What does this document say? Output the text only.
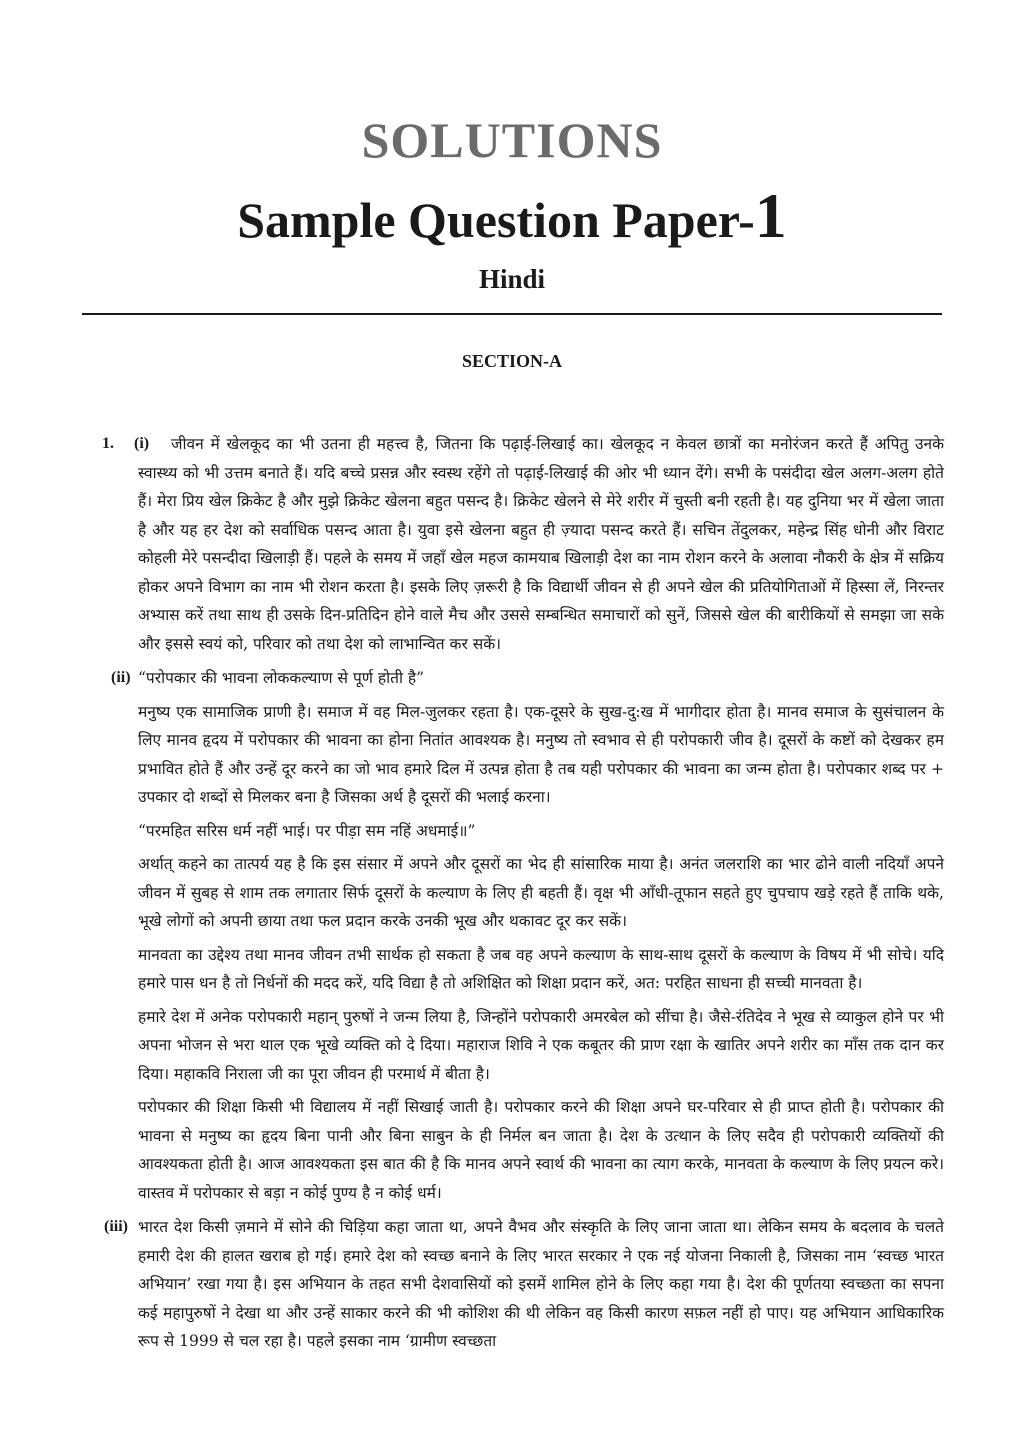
SOLUTIONS
Sample Question Paper-1
Hindi
SECTION-A
1. (i)	जीवन में खेलकूद का भी उतना ही महत्त्व है, जितना कि पढ़ाई-लिखाई का। खेलकूद न केवल छात्रों का मनोरंजन करते हैं अपितु उनके स्वास्थ्य को भी उत्तम बनाते हैं। यदि बच्चे प्रसन्न और स्वस्थ रहेंगे तो पढ़ाई-लिखाई की ओर भी ध्यान देंगे। सभी के पसंदीदा खेल अलग-अलग होते हैं। मेरा प्रिय खेल क्रिकेट है और मुझे क्रिकेट खेलना बहुत पसन्द है। क्रिकेट खेलने से मेरे शरीर में चुस्ती बनी रहती है। यह दुनिया भर में खेला जाता है और यह हर देश को सर्वाधिक पसन्द आता है। युवा इसे खेलना बहुत ही ज़्यादा पसन्द करते हैं। सचिन तेंदुलकर, महेन्द्र सिंह धोनी और विराट कोहली मेरे पसन्दीदा खिलाड़ी हैं। पहले के समय में जहाँ खेल महज कामयाब खिलाड़ी देश का नाम रोशन करने के अलावा नौकरी के क्षेत्र में सक्रिय होकर अपने विभाग का नाम भी रोशन करता है। इसके लिए ज़रूरी है कि विद्यार्थी जीवन से ही अपने खेल की प्रतियोगिताओं में हिस्सा लें, निरन्तर अभ्यास करें तथा साथ ही उसके दिन-प्रतिदिन होने वाले मैच और उससे सम्बन्धित समाचारों को सुनें, जिससे खेल की बारीकियों से समझा जा सके और इससे स्वयं को, परिवार को तथा देश को लाभान्वित कर सकें।

(ii) “परोपकार की भावना लोककल्याण से पूर्ण होती है”

मनुष्य एक सामाजिक प्राणी है। समाज में वह मिल-जुलकर रहता है। एक-दूसरे के सुख-दु:ख में भागीदार होता है। मानव समाज के सुसंचालन के लिए मानव हृदय में परोपकार की भावना का होना नितांत आवश्यक है। मनुष्य तो स्वभाव से ही परोपकारी जीव है। दूसरों के कष्टों को देखकर हम प्रभावित होते हैं और उन्हें दूर करने का जो भाव हमारे दिल में उत्पन्न होता है तब यही परोपकार की भावना का जन्म होता है। परोपकार शब्द पर + उपकार दो शब्दों से मिलकर बना है जिसका अर्थ है दूसरों की भलाई करना।

“परमहित सरिस धर्म नहीं भाई। पर पीड़ा सम नहिं अधमाई॥”

अर्थात् कहने का तात्पर्य यह है कि इस संसार में अपने और दूसरों का भेद ही सांसारिक माया है। अनंत जलराशि का भार ढोने वाली नदियाँ अपने जीवन में सुबह से शाम तक लगातार सिर्फ दूसरों के कल्याण के लिए ही बहती हैं। वृक्ष भी आँधी-तूफान सहते हुए चुपचाप खड़े रहते हैं ताकि थके, भूखे लोगों को अपनी छाया तथा फल प्रदान करके उनकी भूख और थकावट दूर कर सकें।

मानवता का उद्देश्य तथा मानव जीवन तभी सार्थक हो सकता है जब वह अपने कल्याण के साथ-साथ दूसरों के कल्याण के विषय में भी सोचे। यदि हमारे पास धन है तो निर्धनों की मदद करें, यदि विद्या है तो अशिक्षित को शिक्षा प्रदान करें, अत: परहित साधना ही सच्ची मानवता है।

हमारे देश में अनेक परोपकारी महान् पुरुषों ने जन्म लिया है, जिन्होंने परोपकारी अमरबेल को सींचा है। जैसे-रंतिदेव ने भूख से व्याकुल होने पर भी अपना भोजन से भरा थाल एक भूखे व्यक्ति को दे दिया। महाराज शिवि ने एक कबूतर की प्राण रक्षा के खातिर अपने शरीर का माँस तक दान कर दिया। महाकवि निराला जी का पूरा जीवन ही परमार्थ में बीता है।

परोपकार की शिक्षा किसी भी विद्यालय में नहीं सिखाई जाती है। परोपकार करने की शिक्षा अपने घर-परिवार से ही प्राप्त होती है। परोपकार की भावना से मनुष्य का हृदय बिना पानी और बिना साबुन के ही निर्मल बन जाता है। देश के उत्थान के लिए सदैव ही परोपकारी व्यक्तियों की आवश्यकता होती है। आज आवश्यकता इस बात की है कि मानव अपने स्वार्थ की भावना का त्याग करके, मानवता के कल्याण के लिए प्रयत्न करे। वास्तव में परोपकार से बड़ा न कोई पुण्य है न कोई धर्म।

(iii) भारत देश किसी ज़माने में सोने की चिड़िया कहा जाता था, अपने वैभव और संस्कृति के लिए जाना जाता था। लेकिन समय के बदलाव के चलते हमारी देश की हालत खराब हो गई। हमारे देश को स्वच्छ बनाने के लिए भारत सरकार ने एक नई योजना निकाली है, जिसका नाम ‘स्वच्छ भारत अभियान’ रखा गया है। इस अभियान के तहत सभी देशवासियों को इसमें शामिल होने के लिए कहा गया है। देश की पूर्णतया स्वच्छता का सपना कई महापुरुषों ने देखा था और उन्हें साकार करने की भी कोशिश की थी लेकिन वह किसी कारण सफ़ल नहीं हो पाए। यह अभियान आधिकारिक रूप से 1999 से चल रहा है। पहले इसका नाम ‘ग्रामीण स्वच्छता
